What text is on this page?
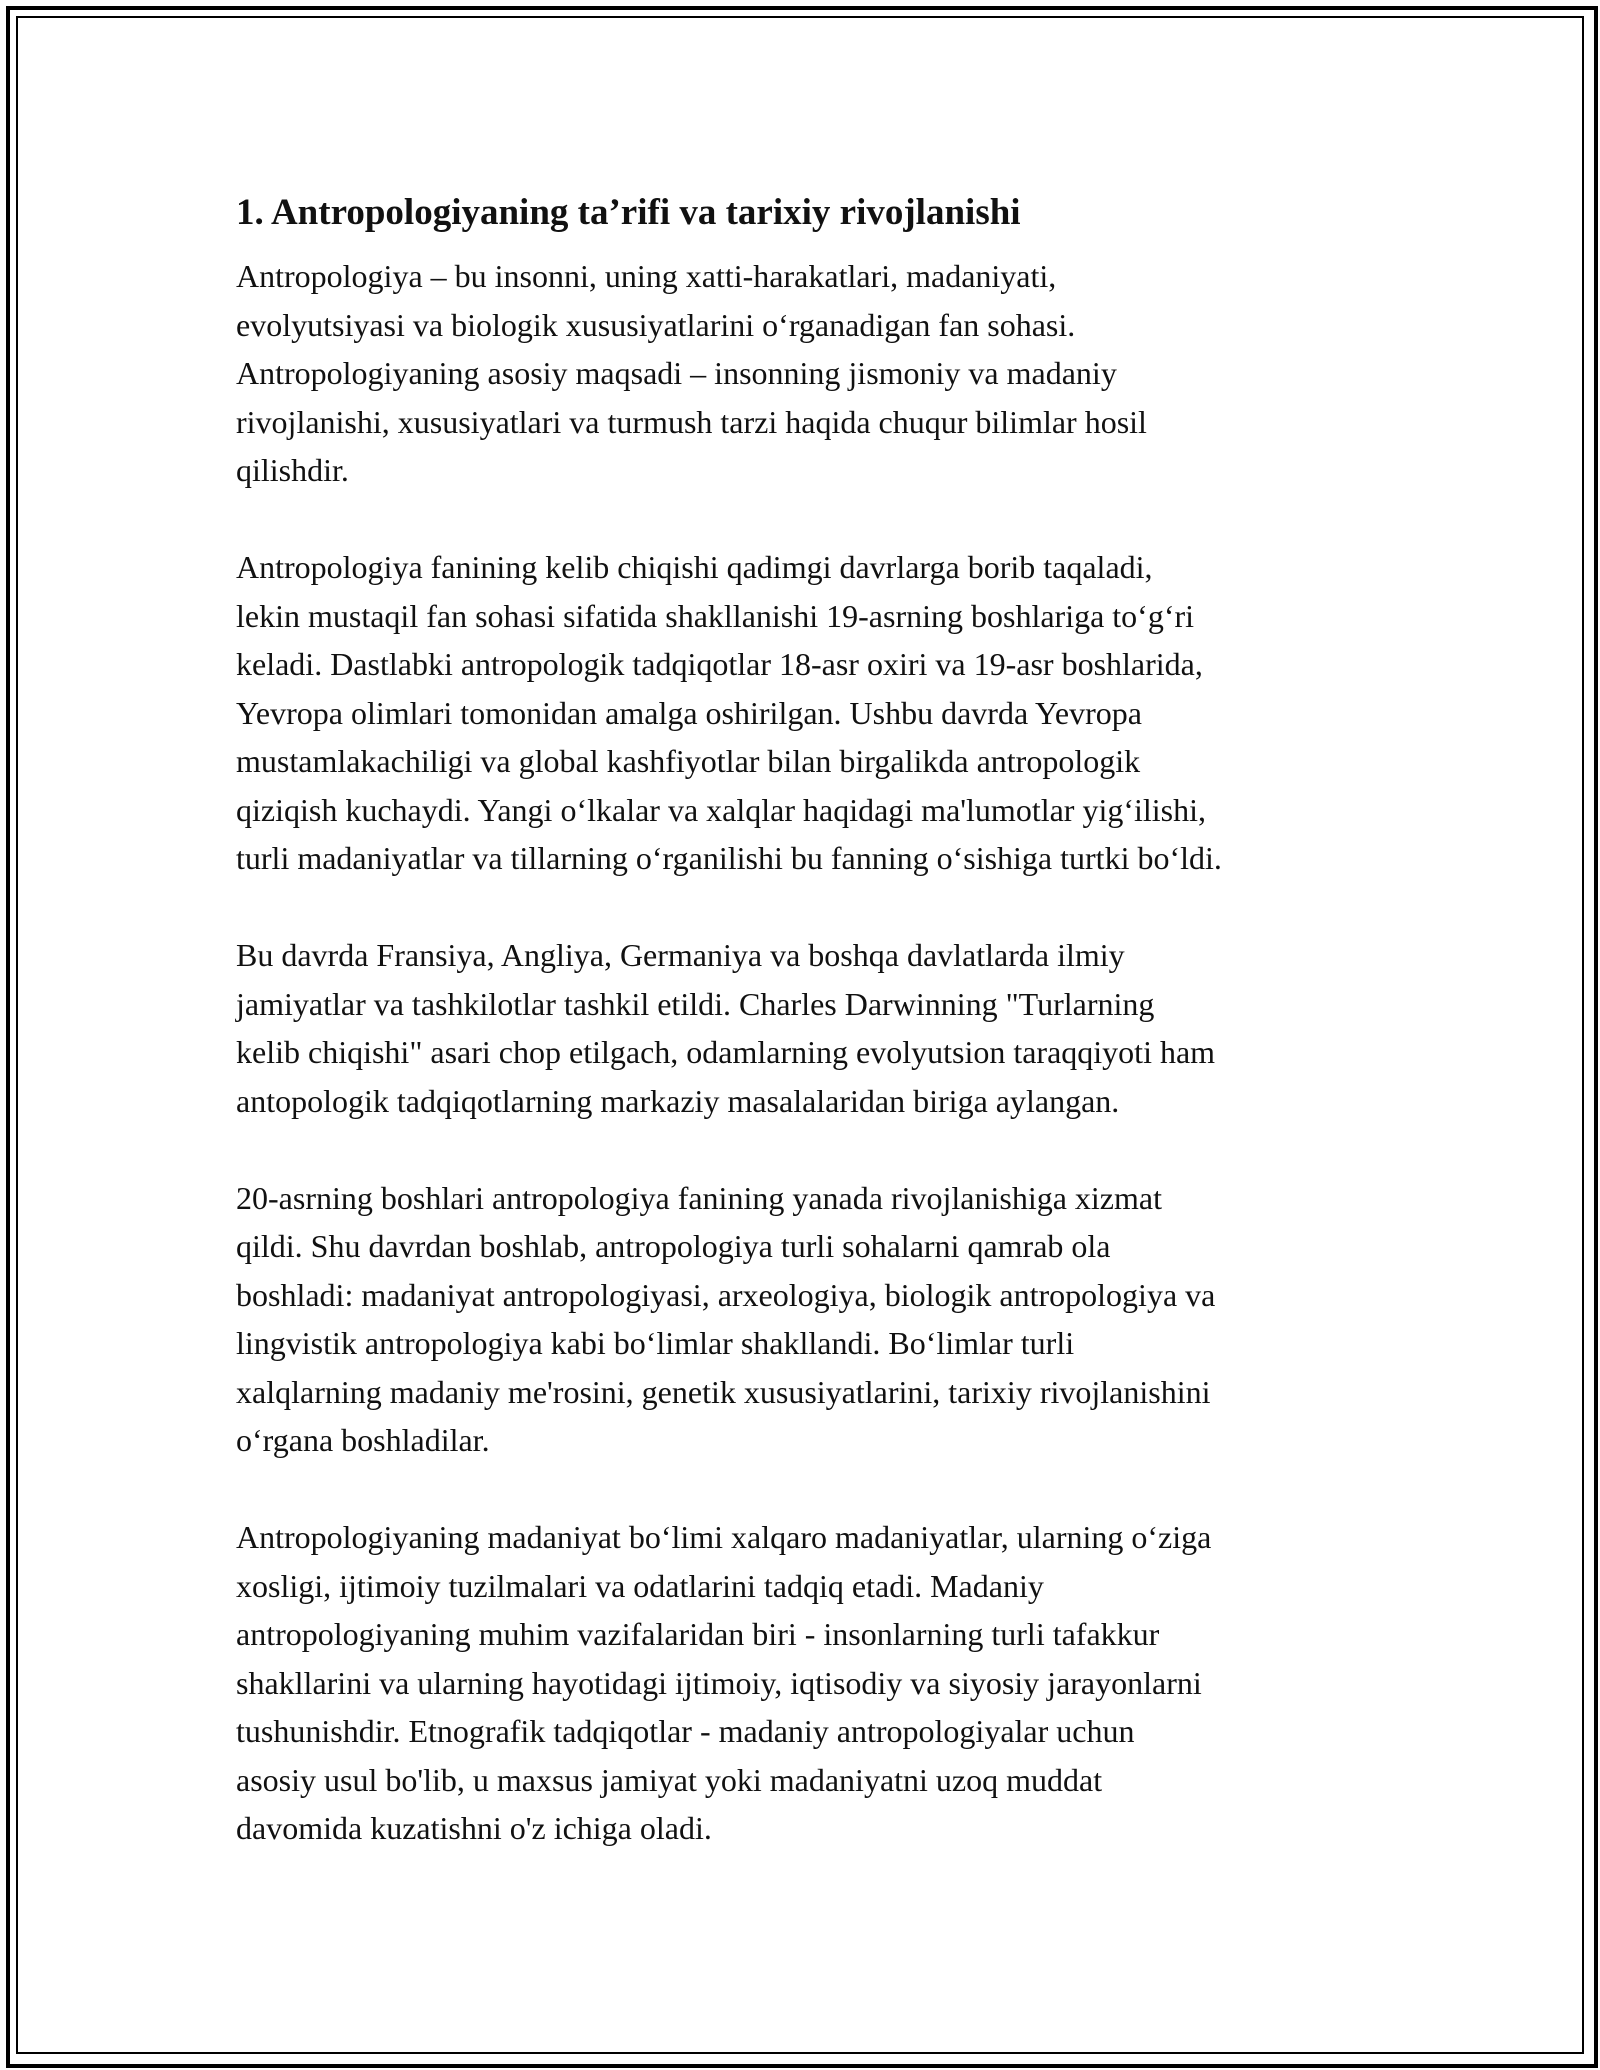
1. Antropologiyaning ta’rifi va tarixiy rivojlanishi

Antropologiya – bu insonni, uning xatti-harakatlari, madaniyati,
evolyutsiyasi va biologik xususiyatlarini o‘rganadigan fan sohasi.
Antropologiyaning asosiy maqsadi – insonning jismoniy va madaniy
rivojlanishi, xususiyatlari va turmush tarzi haqida chuqur bilimlar hosil
qilishdir.

Antropologiya fanining kelib chiqishi qadimgi davrlarga borib taqaladi,
lekin mustaqil fan sohasi sifatida shakllanishi 19-asrning boshlariga to‘g‘ri
keladi. Dastlabki antropologik tadqiqotlar 18-asr oxiri va 19-asr boshlarida,
Yevropa olimlari tomonidan amalga oshirilgan. Ushbu davrda Yevropa
mustamlakachiligi va global kashfiyotlar bilan birgalikda antropologik
qiziqish kuchaydi. Yangi o‘lkalar va xalqlar haqidagi ma'lumotlar yig‘ilishi,
turli madaniyatlar va tillarning o‘rganilishi bu fanning o‘sishiga turtki bo‘ldi.

Bu davrda Fransiya, Angliya, Germaniya va boshqa davlatlarda ilmiy
jamiyatlar va tashkilotlar tashkil etildi. Charles Darwinning "Turlarning
kelib chiqishi" asari chop etilgach, odamlarning evolyutsion taraqqiyoti ham
antopologik tadqiqotlarning markaziy masalalaridan biriga aylangan.

20-asrning boshlari antropologiya fanining yanada rivojlanishiga xizmat
qildi. Shu davrdan boshlab, antropologiya turli sohalarni qamrab ola
boshladi: madaniyat antropologiyasi, arxeologiya, biologik antropologiya va
lingvistik antropologiya kabi bo‘limlar shakllandi. Bo‘limlar turli
xalqlarning madaniy me'rosini, genetik xususiyatlarini, tarixiy rivojlanishini
o‘rgana boshladilar.

Antropologiyaning madaniyat bo‘limi xalqaro madaniyatlar, ularning o‘ziga
xosligi, ijtimoiy tuzilmalari va odatlarini tadqiq etadi. Madaniy
antropologiyaning muhim vazifalaridan biri - insonlarning turli tafakkur
shakllarini va ularning hayotidagi ijtimoiy, iqtisodiy va siyosiy jarayonlarni
tushunishdir. Etnografik tadqiqotlar - madaniy antropologiyalar uchun
asosiy usul bo'lib, u maxsus jamiyat yoki madaniyatni uzoq muddat
davomida kuzatishni o'z ichiga oladi.
